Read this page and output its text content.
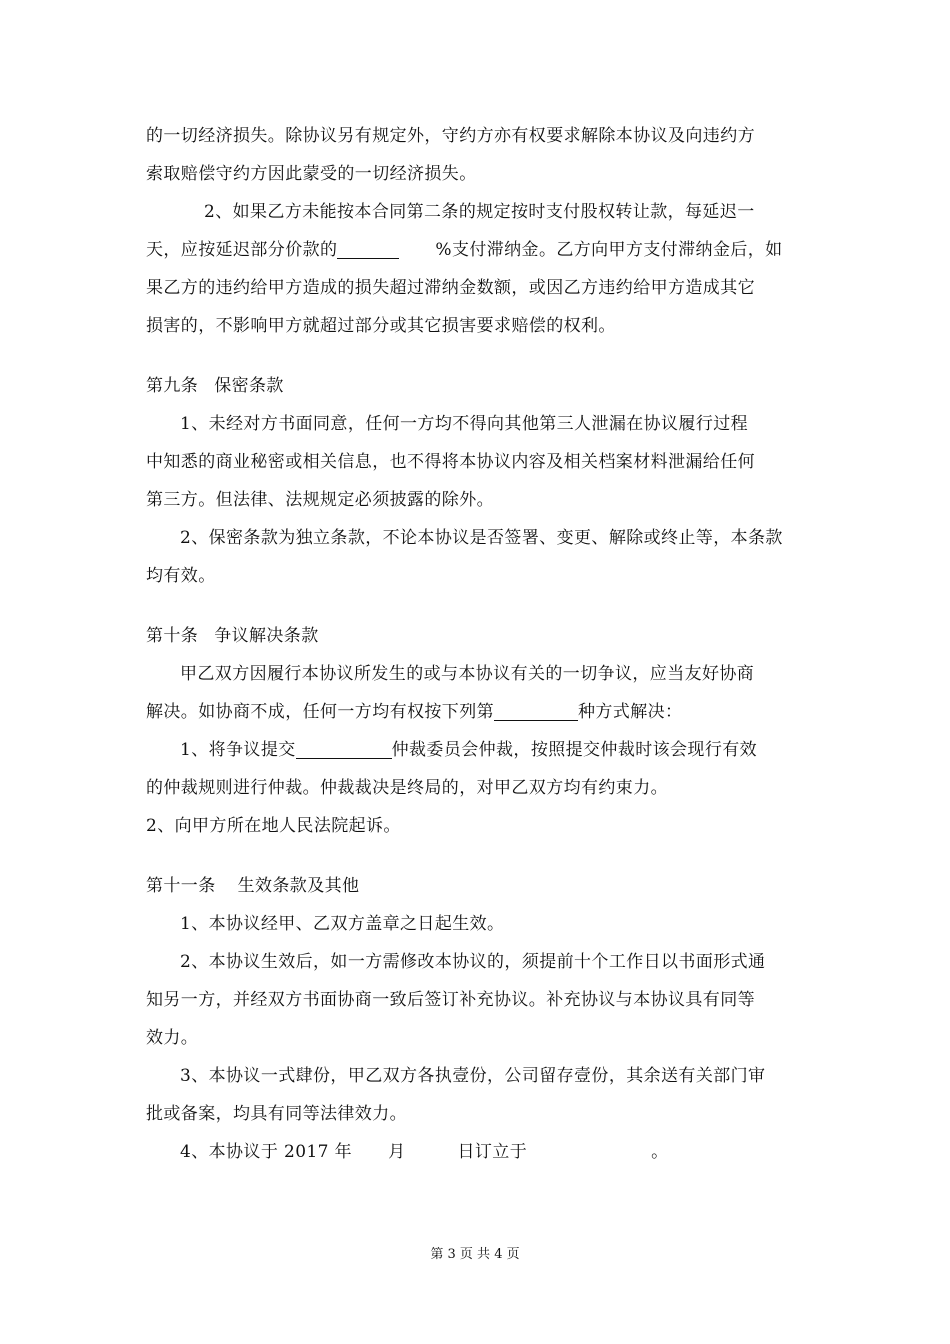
的一切经济损失。除协议另有规定外，守约方亦有权要求解除本协议及向违约方
索取赔偿守约方因此蒙受的一切经济损失。
2、如果乙方未能按本合同第二条的规定按时支付股权转让款，每延迟一
天，应按延迟部分价款的	%支付滞纳金。乙方向甲方支付滞纳金后，如
果乙方的违约给甲方造成的损失超过滞纳金数额，或因乙方违约给甲方造成其它
损害的，不影响甲方就超过部分或其它损害要求赔偿的权利。
第九条 保密条款
1、未经对方书面同意，任何一方均不得向其他第三人泄漏在协议履行过程
中知悉的商业秘密或相关信息，也不得将本协议内容及相关档案材料泄漏给任何
第三方。但法律、法规规定必须披露的除外。
2、保密条款为独立条款，不论本协议是否签署、变更、解除或终止等，本条款
均有效。
第十条 争议解决条款
甲乙双方因履行本协议所发生的或与本协议有关的一切争议，应当友好协商
解决。如协商不成，任何一方均有权按下列第	种方式解决：
1、将争议提交	仲裁委员会仲裁，按照提交仲裁时该会现行有效
的仲裁规则进行仲裁。仲裁裁决是终局的，对甲乙双方均有约束力。
2、向甲方所在地人民法院起诉。
第十一条 生效条款及其他
1、本协议经甲、乙双方盖章之日起生效。
2、本协议生效后，如一方需修改本协议的，须提前十个工作日以书面形式通
知另一方，并经双方书面协商一致后签订补充协议。补充协议与本协议具有同等
效力。
3、本协议一式肆份，甲乙双方各执壹份，公司留存壹份，其余送有关部门审
批或备案，均具有同等法律效力。
4、本协议于 2017 年 月	日订立于	。
第 3 页 共 4 页
